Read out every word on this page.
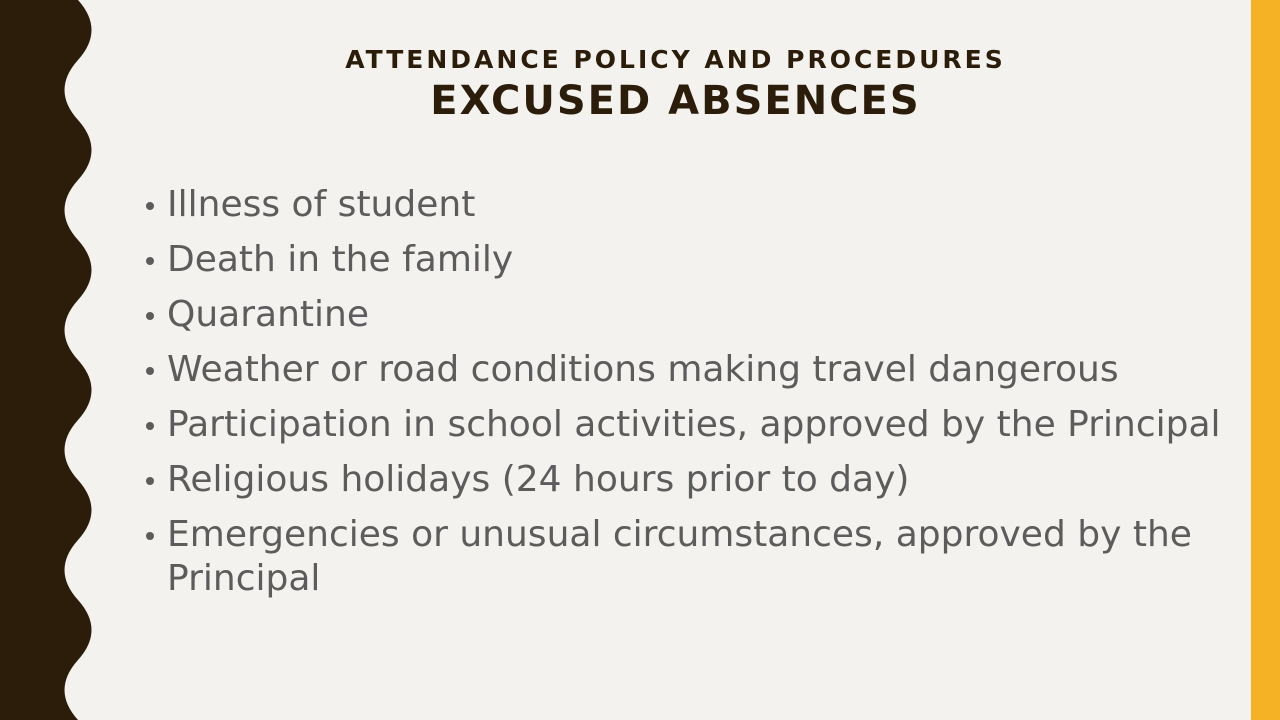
ATTENDANCE POLICY AND PROCEDURES
EXCUSED ABSENCES
Illness of student
Death in the family
Quarantine
Weather or road conditions making travel dangerous
Participation in school activities, approved by the Principal
Religious holidays (24 hours prior to day)
Emergencies or unusual circumstances, approved by the Principal
